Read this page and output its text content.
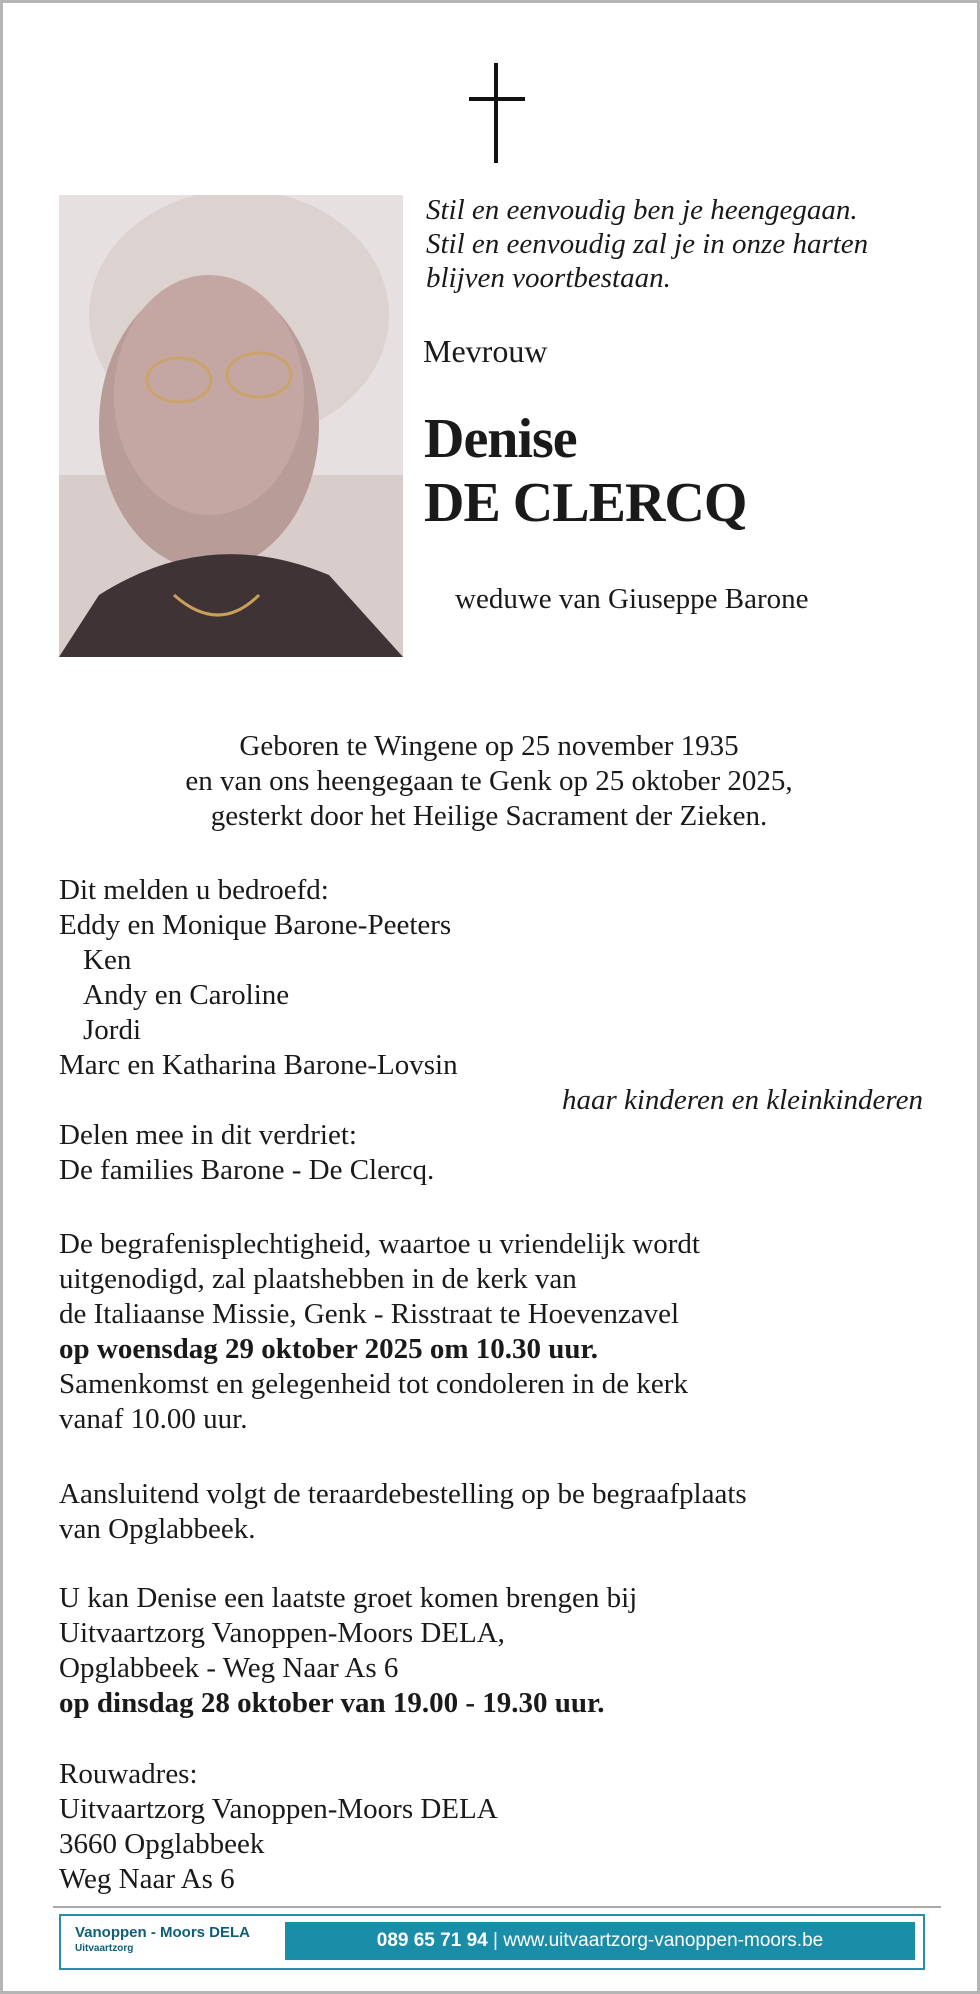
Stil en eenvoudig ben je heengegaan.
Stil en eenvoudig zal je in onze harten
blijven voortbestaan.
Mevrouw
Denise
DE CLERCQ
weduwe van Giuseppe Barone
Geboren te Wingene op 25 november 1935
en van ons heengegaan te Genk op 25 oktober 2025,
gesterkt door het Heilige Sacrament der Zieken.
Dit melden u bedroefd:
Eddy en Monique Barone-Peeters
Ken
Andy en Caroline
Jordi
Marc en Katharina Barone-Lovsin
haar kinderen en kleinkinderen
Delen mee in dit verdriet:
De families Barone - De Clercq.
De begrafenisplechtigheid, waartoe u vriendelijk wordt
uitgenodigd, zal plaatshebben in de kerk van
de Italiaanse Missie, Genk - Risstraat te Hoevenzavel
op woensdag 29 oktober 2025 om 10.30 uur.
Samenkomst en gelegenheid tot condoleren in de kerk
vanaf 10.00 uur.
Aansluitend volgt de teraardebestelling op be begraafplaats
van Opglabbeek.
U kan Denise een laatste groet komen brengen bij
Uitvaartzorg Vanoppen-Moors DELA,
Opglabbeek - Weg Naar As 6
op dinsdag 28 oktober van 19.00 - 19.30 uur.
Rouwadres:
Uitvaartzorg Vanoppen-Moors DELA
3660 Opglabbeek
Weg Naar As 6
Vanoppen - Moors DELA
Uitvaartzorg	089 65 71 94 | www.uitvaartzorg-vanoppen-moors.be
